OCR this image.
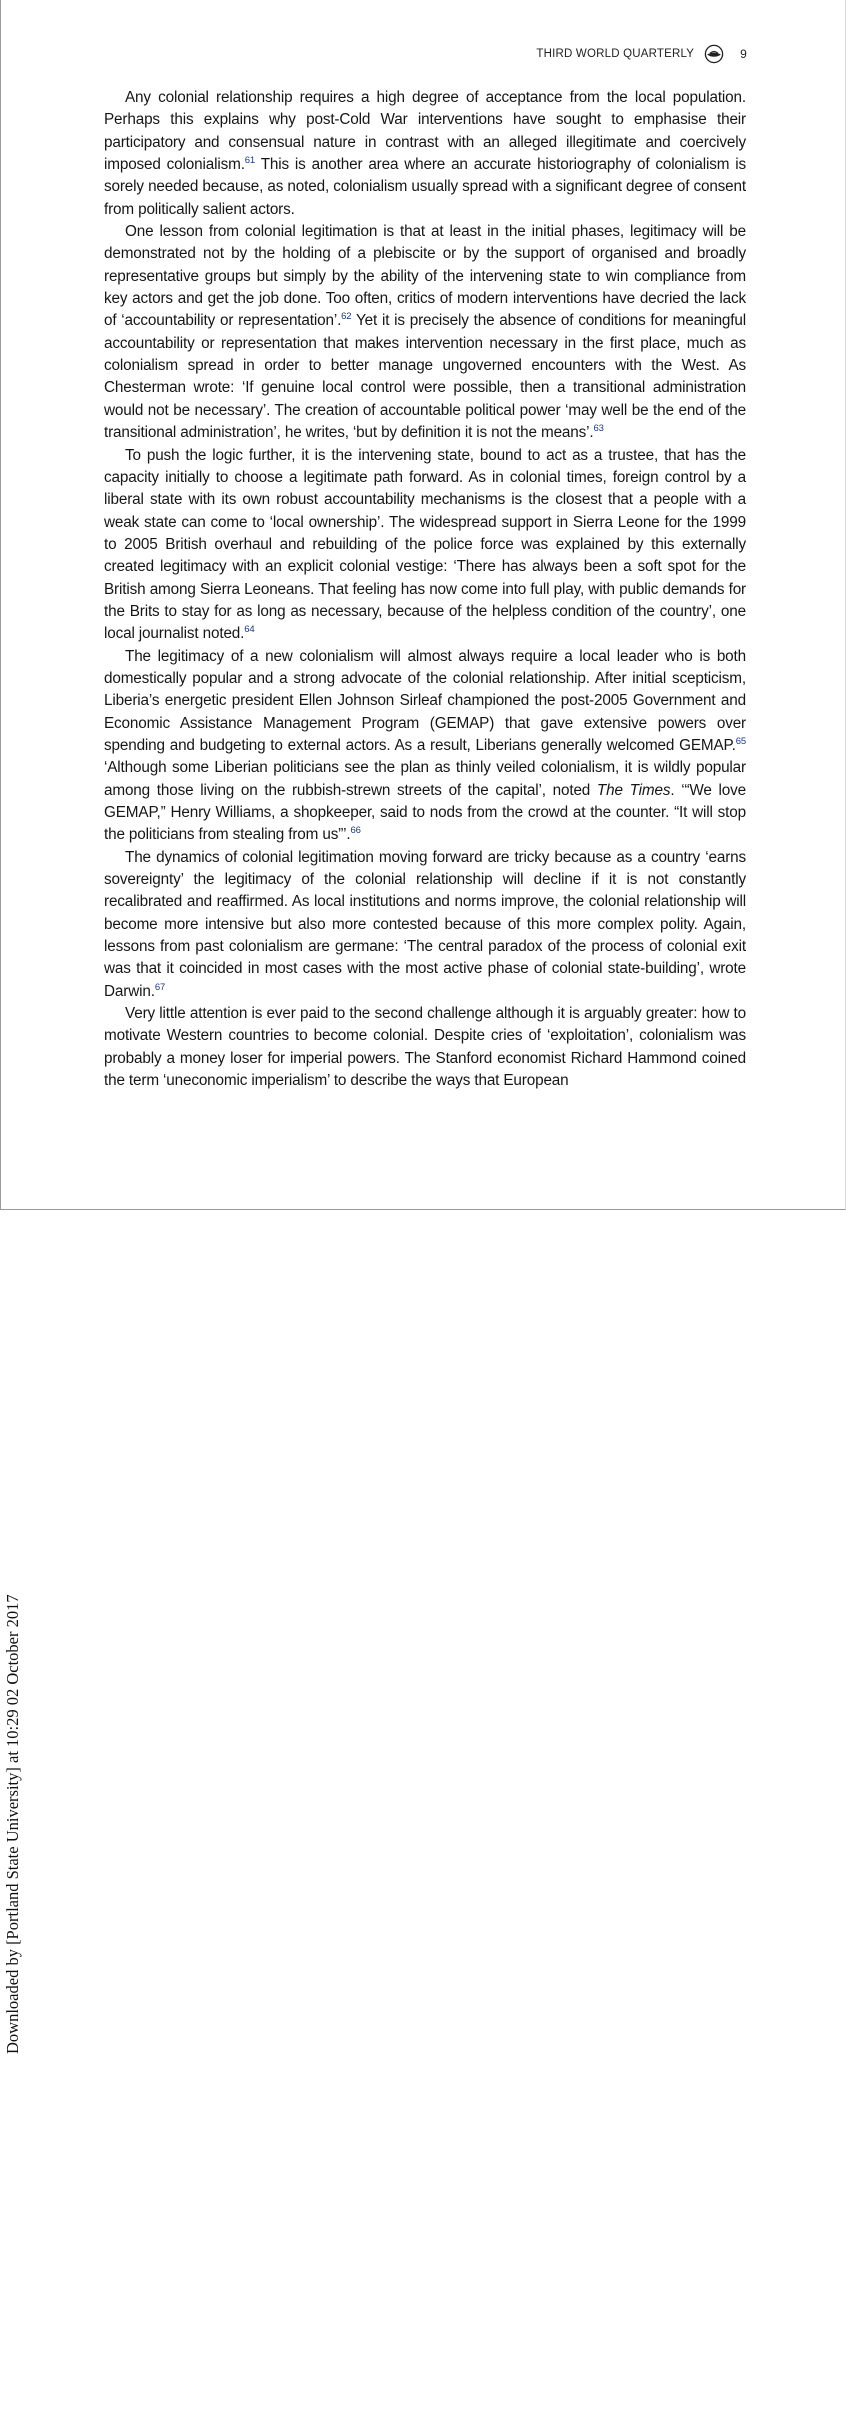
THIRD WORLD QUARTERLY	9
Downloaded by [Portland State University] at 10:29 02 October 2017

Any colonial relationship requires a high degree of acceptance from the local population. Perhaps this explains why post-Cold War interventions have sought to emphasise their participatory and consensual nature in contrast with an alleged illegitimate and coercively imposed colonialism.$^{61}$ This is another area where an accurate historiography of colonialism is sorely needed because, as noted, colonialism usually spread with a significant degree of consent from politically salient actors.

One lesson from colonial legitimation is that at least in the initial phases, legitimacy will be demonstrated not by the holding of a plebiscite or by the support of organised and broadly representative groups but simply by the ability of the intervening state to win compliance from key actors and get the job done. Too often, critics of modern interventions have decried the lack of ‘accountability or representation’.$^{62}$ Yet it is precisely the absence of conditions for meaningful accountability or representation that makes intervention necessary in the first place, much as colonialism spread in order to better manage ungoverned encounters with the West. As Chesterman wrote: ‘If genuine local control were possible, then a transitional administration would not be necessary’. The creation of accountable political power ‘may well be the end of the transitional administration’, he writes, ‘but by definition it is not the means’.$^{63}$

To push the logic further, it is the intervening state, bound to act as a trustee, that has the capacity initially to choose a legitimate path forward. As in colonial times, foreign control by a liberal state with its own robust accountability mechanisms is the closest that a people with a weak state can come to ‘local ownership’. The widespread support in Sierra Leone for the 1999 to 2005 British overhaul and rebuilding of the police force was explained by this externally created legitimacy with an explicit colonial vestige: ‘There has always been a soft spot for the British among Sierra Leoneans. That feeling has now come into full play, with public demands for the Brits to stay for as long as necessary, because of the helpless condition of the country’, one local journalist noted.$^{64}$

The legitimacy of a new colonialism will almost always require a local leader who is both domestically popular and a strong advocate of the colonial relationship. After initial scepticism, Liberia’s energetic president Ellen Johnson Sirleaf championed the post-2005 Government and Economic Assistance Management Program (GEMAP) that gave extensive powers over spending and budgeting to external actors. As a result, Liberians generally welcomed GEMAP.$^{65}$ ‘Although some Liberian politicians see the plan as thinly veiled colonialism, it is wildly popular among those living on the rubbish-strewn streets of the capital’, noted The Times. ‘“We love GEMAP,” Henry Williams, a shopkeeper, said to nods from the crowd at the counter. “It will stop the politicians from stealing from us”’.$^{66}$

The dynamics of colonial legitimation moving forward are tricky because as a country ‘earns sovereignty’ the legitimacy of the colonial relationship will decline if it is not constantly recalibrated and reaffirmed. As local institutions and norms improve, the colonial relationship will become more intensive but also more contested because of this more complex polity. Again, lessons from past colonialism are germane: ‘The central paradox of the process of colonial exit was that it coincided in most cases with the most active phase of colonial state-building’, wrote Darwin.$^{67}$

Very little attention is ever paid to the second challenge although it is arguably greater: how to motivate Western countries to become colonial. Despite cries of ‘exploitation’, colonialism was probably a money loser for imperial powers. The Stanford economist Richard Hammond coined the term ‘uneconomic imperialism’ to describe the ways that European
